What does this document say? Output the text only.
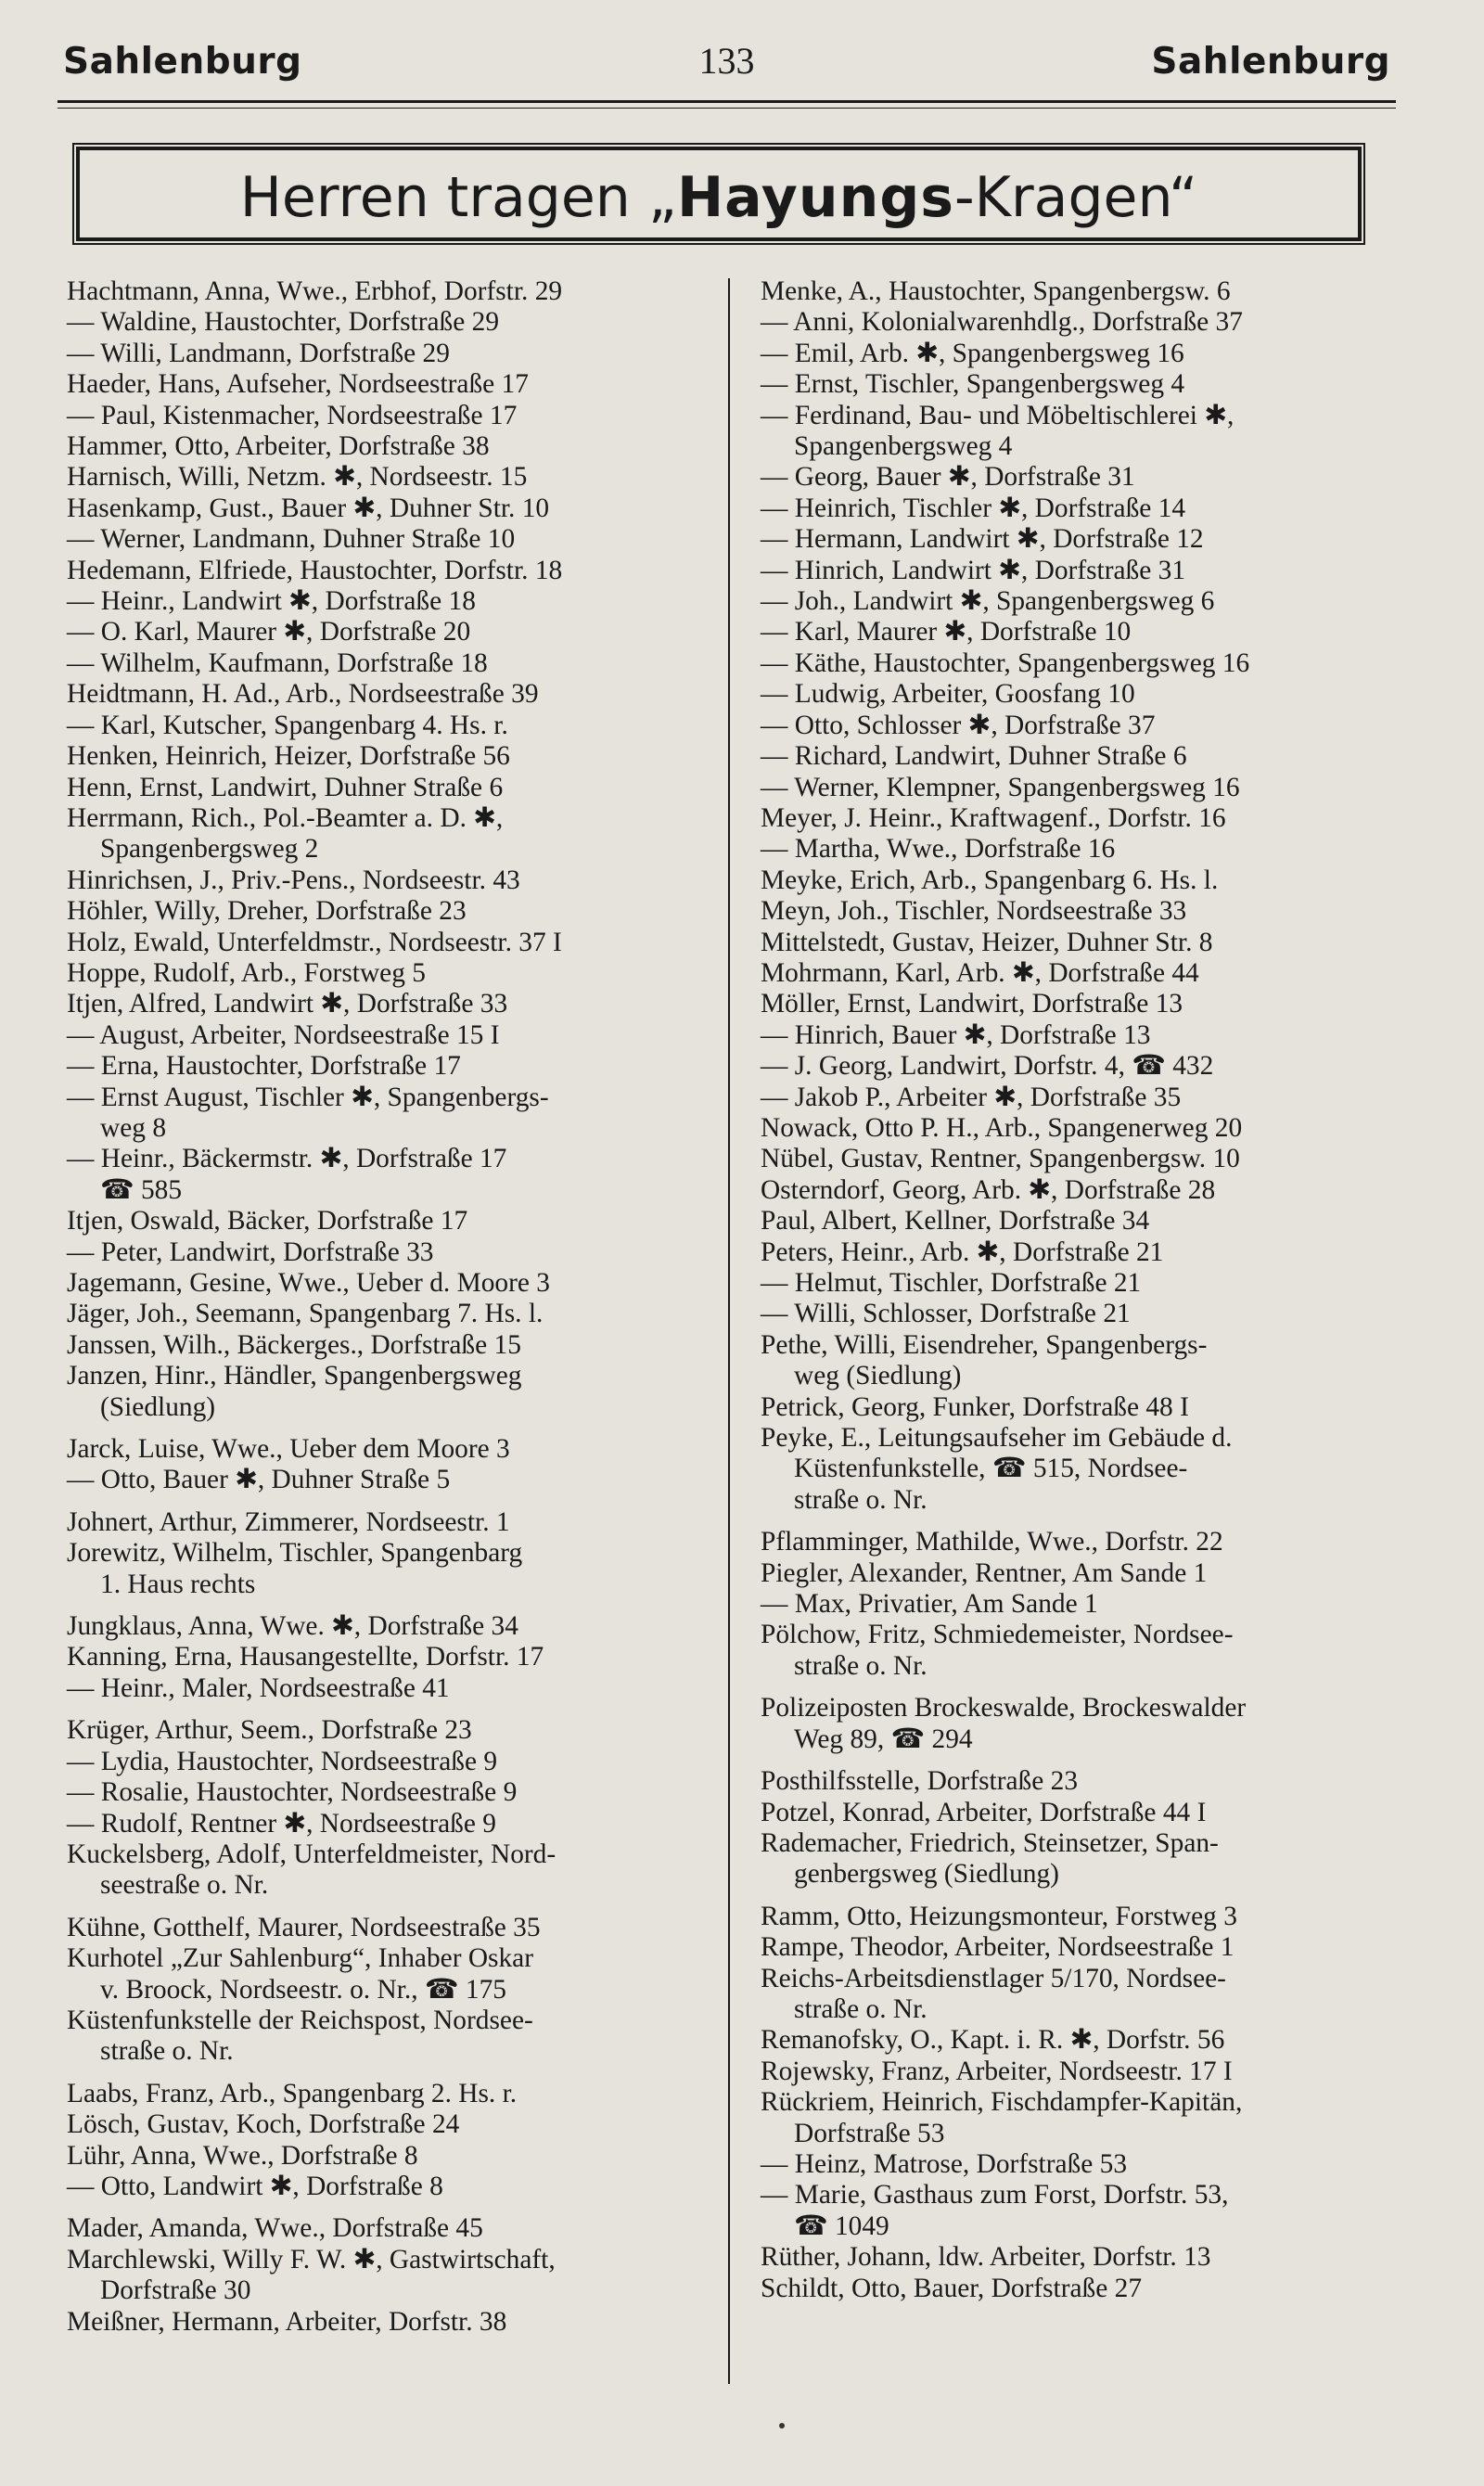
Sahlenburg	133	Sahlenburg
Herren tragen „Hayungs-Kragen“
Hachtmann, Anna, Wwe., Erbhof, Dorfstr. 29
— Waldine, Haustochter, Dorfstraße 29
— Willi, Landmann, Dorfstraße 29
Haeder, Hans, Aufseher, Nordseestraße 17
— Paul, Kistenmacher, Nordseestraße 17
Hammer, Otto, Arbeiter, Dorfstraße 38
Harnisch, Willi, Netzm. ✱, Nordseestr. 15
Hasenkamp, Gust., Bauer ✱, Duhner Str. 10
— Werner, Landmann, Duhner Straße 10
Hedemann, Elfriede, Haustochter, Dorfstr. 18
— Heinr., Landwirt ✱, Dorfstraße 18
— O. Karl, Maurer ✱, Dorfstraße 20
— Wilhelm, Kaufmann, Dorfstraße 18
Heidtmann, H. Ad., Arb., Nordseestraße 39
— Karl, Kutscher, Spangenbarg 4. Hs. r.
Henken, Heinrich, Heizer, Dorfstraße 56
Henn, Ernst, Landwirt, Duhner Straße 6
Herrmann, Rich., Pol.-Beamter a. D. ✱,
Spangenbergsweg 2
Hinrichsen, J., Priv.-Pens., Nordseestr. 43
Höhler, Willy, Dreher, Dorfstraße 23
Holz, Ewald, Unterfeldmstr., Nordseestr. 37 I
Hoppe, Rudolf, Arb., Forstweg 5
Itjen, Alfred, Landwirt ✱, Dorfstraße 33
— August, Arbeiter, Nordseestraße 15 I
— Erna, Haustochter, Dorfstraße 17
— Ernst August, Tischler ✱, Spangenbergs-
weg 8
— Heinr., Bäckermstr. ✱, Dorfstraße 17
☎ 585
Itjen, Oswald, Bäcker, Dorfstraße 17
— Peter, Landwirt, Dorfstraße 33
Jagemann, Gesine, Wwe., Ueber d. Moore 3
Jäger, Joh., Seemann, Spangenbarg 7. Hs. l.
Janssen, Wilh., Bäckerges., Dorfstraße 15
Janzen, Hinr., Händler, Spangenbergsweg
(Siedlung)
Jarck, Luise, Wwe., Ueber dem Moore 3
— Otto, Bauer ✱, Duhner Straße 5
Johnert, Arthur, Zimmerer, Nordseestr. 1
Jorewitz, Wilhelm, Tischler, Spangenbarg
1. Haus rechts
Jungklaus, Anna, Wwe. ✱, Dorfstraße 34
Kanning, Erna, Hausangestellte, Dorfstr. 17
— Heinr., Maler, Nordseestraße 41
Krüger, Arthur, Seem., Dorfstraße 23
— Lydia, Haustochter, Nordseestraße 9
— Rosalie, Haustochter, Nordseestraße 9
— Rudolf, Rentner ✱, Nordseestraße 9
Kuckelsberg, Adolf, Unterfeldmeister, Nord-
seestraße o. Nr.
Kühne, Gotthelf, Maurer, Nordseestraße 35
Kurhotel „Zur Sahlenburg“, Inhaber Oskar
v. Broock, Nordseestr. o. Nr., ☎ 175
Küstenfunkstelle der Reichspost, Nordsee-
straße o. Nr.
Laabs, Franz, Arb., Spangenbarg 2. Hs. r.
Lösch, Gustav, Koch, Dorfstraße 24
Lühr, Anna, Wwe., Dorfstraße 8
— Otto, Landwirt ✱, Dorfstraße 8
Mader, Amanda, Wwe., Dorfstraße 45
Marchlewski, Willy F. W. ✱, Gastwirtschaft,
Dorfstraße 30
Meißner, Hermann, Arbeiter, Dorfstr. 38
Menke, A., Haustochter, Spangenbergsw. 6
— Anni, Kolonialwarenhdlg., Dorfstraße 37
— Emil, Arb. ✱, Spangenbergsweg 16
— Ernst, Tischler, Spangenbergsweg 4
— Ferdinand, Bau- und Möbeltischlerei ✱,
Spangenbergsweg 4
— Georg, Bauer ✱, Dorfstraße 31
— Heinrich, Tischler ✱, Dorfstraße 14
— Hermann, Landwirt ✱, Dorfstraße 12
— Hinrich, Landwirt ✱, Dorfstraße 31
— Joh., Landwirt ✱, Spangenbergsweg 6
— Karl, Maurer ✱, Dorfstraße 10
— Käthe, Haustochter, Spangenbergsweg 16
— Ludwig, Arbeiter, Goosfang 10
— Otto, Schlosser ✱, Dorfstraße 37
— Richard, Landwirt, Duhner Straße 6
— Werner, Klempner, Spangenbergsweg 16
Meyer, J. Heinr., Kraftwagenf., Dorfstr. 16
— Martha, Wwe., Dorfstraße 16
Meyke, Erich, Arb., Spangenbarg 6. Hs. l.
Meyn, Joh., Tischler, Nordseestraße 33
Mittelstedt, Gustav, Heizer, Duhner Str. 8
Mohrmann, Karl, Arb. ✱, Dorfstraße 44
Möller, Ernst, Landwirt, Dorfstraße 13
— Hinrich, Bauer ✱, Dorfstraße 13
— J. Georg, Landwirt, Dorfstr. 4, ☎ 432
— Jakob P., Arbeiter ✱, Dorfstraße 35
Nowack, Otto P. H., Arb., Spangenerweg 20
Nübel, Gustav, Rentner, Spangenbergsw. 10
Osterndorf, Georg, Arb. ✱, Dorfstraße 28
Paul, Albert, Kellner, Dorfstraße 34
Peters, Heinr., Arb. ✱, Dorfstraße 21
— Helmut, Tischler, Dorfstraße 21
— Willi, Schlosser, Dorfstraße 21
Pethe, Willi, Eisendreher, Spangenbergs-
weg (Siedlung)
Petrick, Georg, Funker, Dorfstraße 48 I
Peyke, E., Leitungsaufseher im Gebäude d.
Küstenfunkstelle, ☎ 515, Nordsee-
straße o. Nr.
Pflamminger, Mathilde, Wwe., Dorfstr. 22
Piegler, Alexander, Rentner, Am Sande 1
— Max, Privatier, Am Sande 1
Pölchow, Fritz, Schmiedemeister, Nordsee-
straße o. Nr.
Polizeiposten Brockeswalde, Brockeswalder
Weg 89, ☎ 294
Posthilfsstelle, Dorfstraße 23
Potzel, Konrad, Arbeiter, Dorfstraße 44 I
Rademacher, Friedrich, Steinsetzer, Span-
genbergsweg (Siedlung)
Ramm, Otto, Heizungsmonteur, Forstweg 3
Rampe, Theodor, Arbeiter, Nordseestraße 1
Reichs-Arbeitsdienstlager 5/170, Nordsee-
straße o. Nr.
Remanofsky, O., Kapt. i. R. ✱, Dorfstr. 56
Rojewsky, Franz, Arbeiter, Nordseestr. 17 I
Rückriem, Heinrich, Fischdampfer-Kapitän,
Dorfstraße 53
— Heinz, Matrose, Dorfstraße 53
— Marie, Gasthaus zum Forst, Dorfstr. 53,
☎ 1049
Rüther, Johann, ldw. Arbeiter, Dorfstr. 13
Schildt, Otto, Bauer, Dorfstraße 27
